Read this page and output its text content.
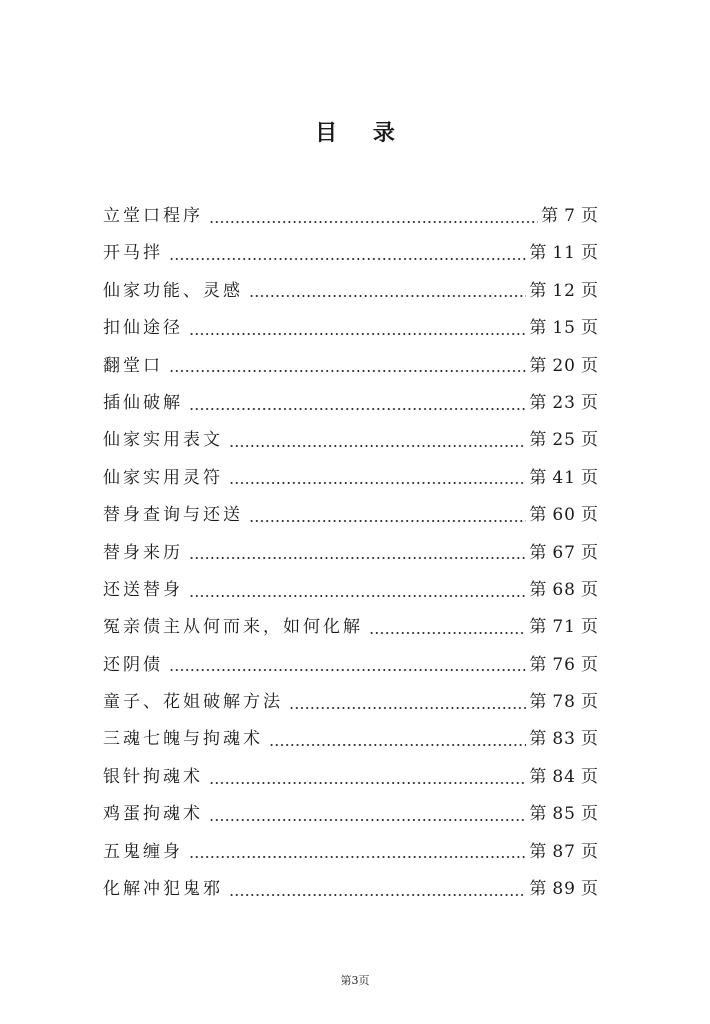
目 录
立堂口程序	第 7 页
开马拌	第 11 页
仙家功能、灵感	第 12 页
扣仙途径	第 15 页
翻堂口	第 20 页
插仙破解	第 23 页
仙家实用表文	第 25 页
仙家实用灵符	第 41 页
替身查询与还送	第 60 页
替身来历	第 67 页
还送替身	第 68 页
冤亲债主从何而来，如何化解	第 71 页
还阴债	第 76 页
童子、花姐破解方法	第 78 页
三魂七魄与拘魂术	第 83 页
银针拘魂术	第 84 页
鸡蛋拘魂术	第 85 页
五鬼缠身	第 87 页
化解冲犯鬼邪	第 89 页
第3页
